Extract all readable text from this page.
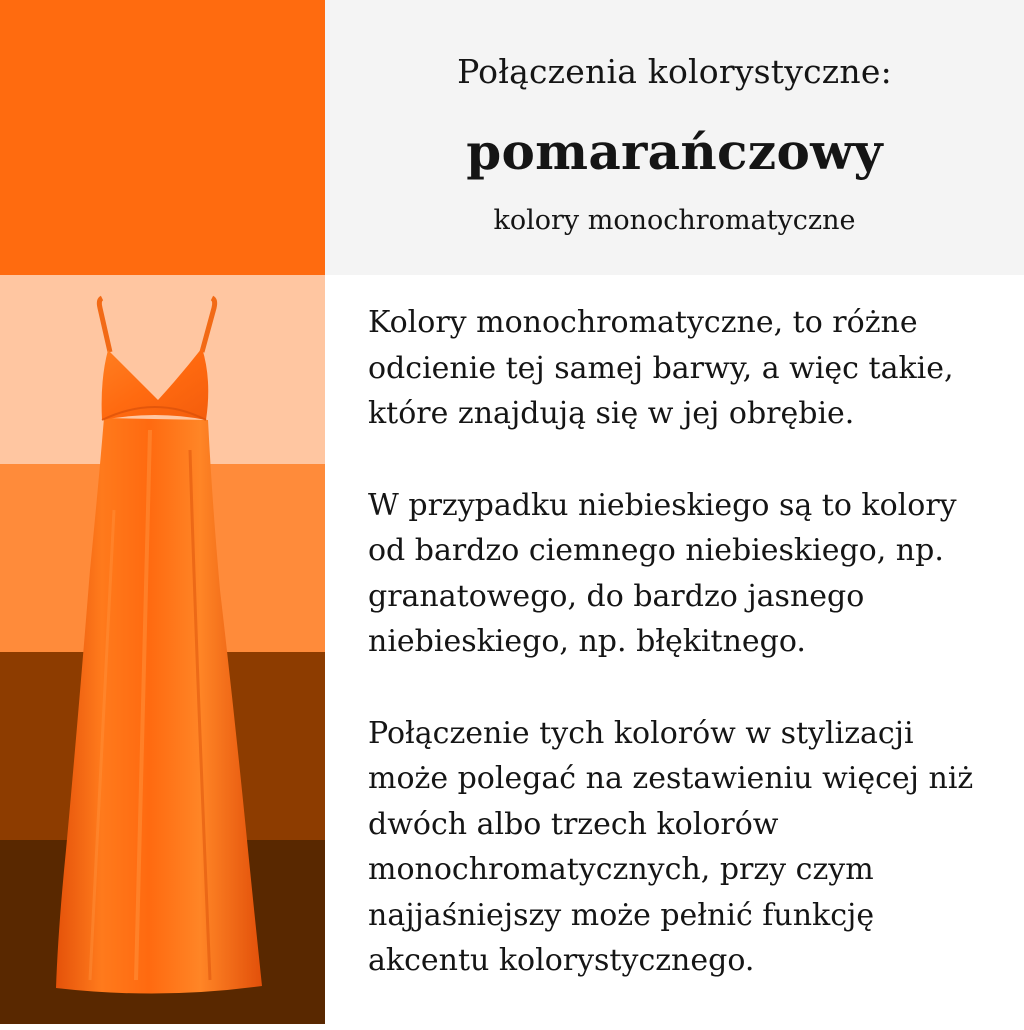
Połączenia kolorystyczne:
pomarańczowy
kolory monochromatyczne

Kolory monochromatyczne, to różne
odcienie tej samej barwy, a więc takie,
które znajdują się w jej obrębie.

W przypadku niebieskiego są to kolory
od bardzo ciemnego niebieskiego, np.
granatowego, do bardzo jasnego
niebieskiego, np. błękitnego.

Połączenie tych kolorów w stylizacji
może polegać na zestawieniu więcej niż
dwóch albo trzech kolorów
monochromatycznych, przy czym
najjaśniejszy może pełnić funkcję
akcentu kolorystycznego.
